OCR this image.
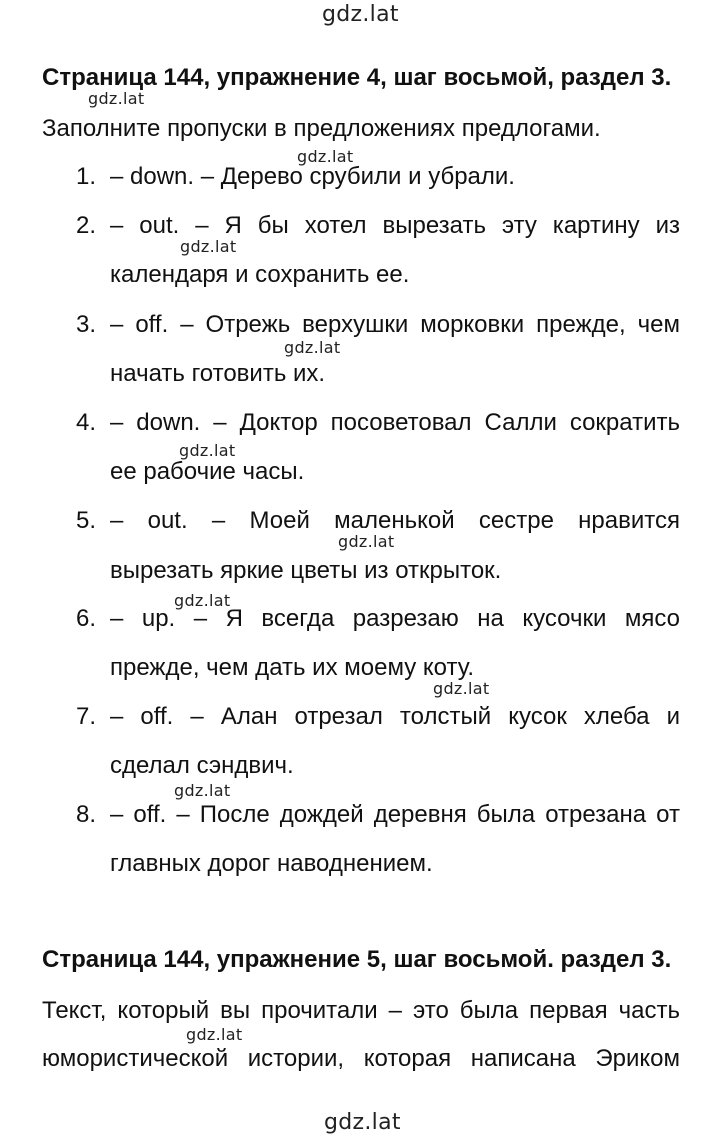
gdz.lat
Страница 144, упражнение 4, шаг восьмой, раздел 3.
gdz.lat
Заполните пропуски в предложениях предлогами.
gdz.lat
1. – down. – Дерево срубили и убрали.
2. – out. – Я бы хотел вырезать эту картину из
gdz.lat
календаря и сохранить ее.
3. – off. – Отрежь верхушки морковки прежде, чем
gdz.lat
начать готовить их.
4. – down. – Доктор посоветовал Салли сократить
gdz.lat
ее рабочие часы.
5. – out. – Моей маленькой сестре нравится
gdz.lat
вырезать яркие цветы из открыток.
gdz.lat
6. – up. – Я всегда разрезаю на кусочки мясо
прежде, чем дать их моему коту.
gdz.lat
7. – off. – Алан отрезал толстый кусок хлеба и
сделал сэндвич.
gdz.lat
8. – off. – После дождей деревня была отрезана от
главных дорог наводнением.
Страница 144, упражнение 5, шаг восьмой. раздел 3.
Текст, который вы прочитали – это была первая часть
gdz.lat
юмористической истории, которая написана Эриком
gdz.lat
